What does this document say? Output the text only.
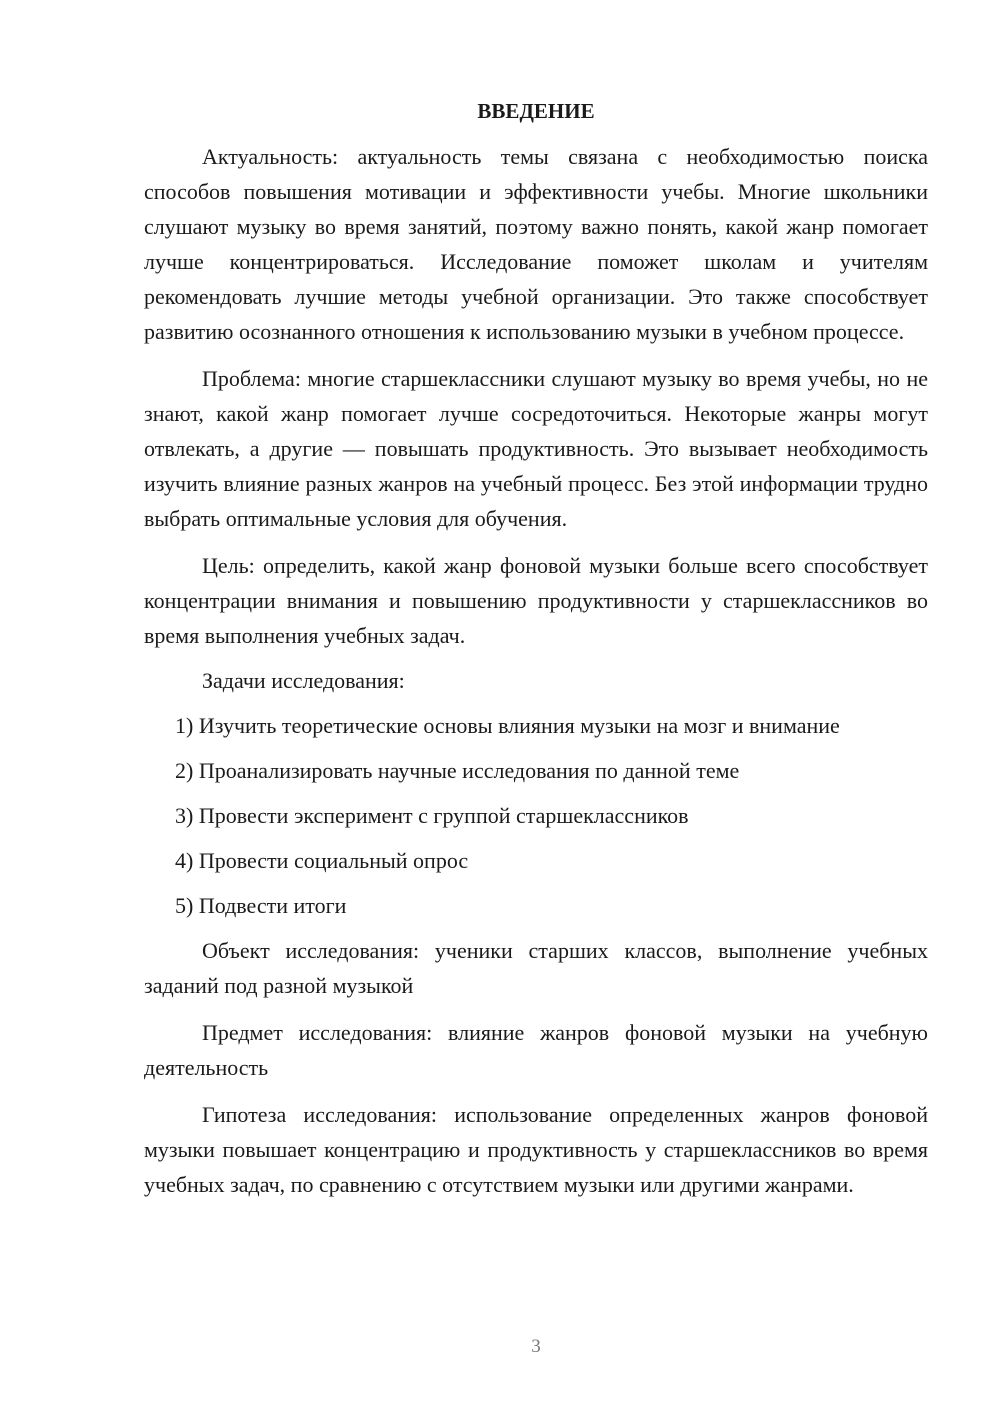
ВВЕДЕНИЕ

Актуальность: актуальность темы связана с необходимостью поиска способов повышения мотивации и эффективности учебы. Многие школьники слушают музыку во время занятий, поэтому важно понять, какой жанр помогает лучше концентрироваться. Исследование поможет школам и учителям рекомендовать лучшие методы учебной организации. Это также способствует развитию осознанного отношения к использованию музыки в учебном процессе.

Проблема: многие старшеклассники слушают музыку во время учебы, но не знают, какой жанр помогает лучше сосредоточиться. Некоторые жанры могут отвлекать, а другие — повышать продуктивность. Это вызывает необходимость изучить влияние разных жанров на учебный процесс. Без этой информации трудно выбрать оптимальные условия для обучения.

Цель: определить, какой жанр фоновой музыки больше всего способствует концентрации внимания и повышению продуктивности у старшеклассников во время выполнения учебных задач.

Задачи исследования:

1) Изучить теоретические основы влияния музыки на мозг и внимание
2) Проанализировать научные исследования по данной теме
3) Провести эксперимент с группой старшеклассников
4) Провести социальный опрос
5) Подвести итоги

Объект исследования: ученики старших классов, выполнение учебных заданий под разной музыкой

Предмет исследования: влияние жанров фоновой музыки на учебную деятельность

Гипотеза исследования: использование определенных жанров фоновой музыки повышает концентрацию и продуктивность у старшеклассников во время учебных задач, по сравнению с отсутствием музыки или другими жанрами.

3
